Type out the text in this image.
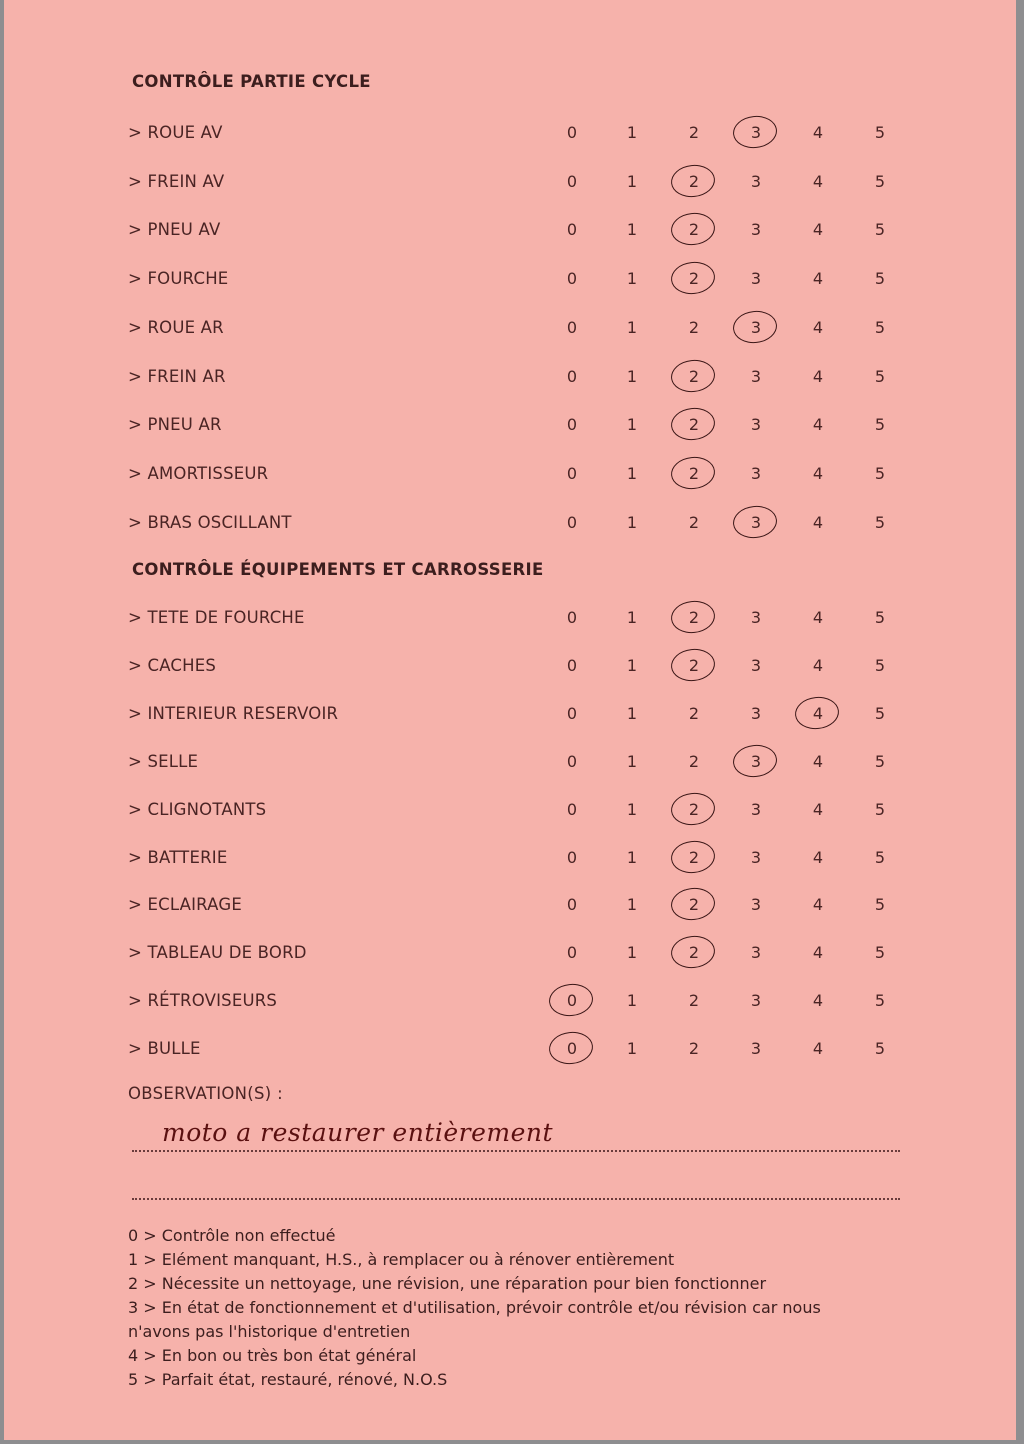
CONTRÔLE PARTIE CYCLE
> ROUE AV	0	1	2	3	4	5
> FREIN AV	0	1	2	3	4	5
> PNEU AV	0	1	2	3	4	5
> FOURCHE	0	1	2	3	4	5
> ROUE AR	0	1	2	3	4	5
> FREIN AR	0	1	2	3	4	5
> PNEU AR	0	1	2	3	4	5
> AMORTISSEUR	0	1	2	3	4	5
> BRAS OSCILLANT	0	1	2	3	4	5
CONTRÔLE ÉQUIPEMENTS ET CARROSSERIE
> TETE DE FOURCHE	0	1	2	3	4	5
> CACHES	0	1	2	3	4	5
> INTERIEUR RESERVOIR	0	1	2	3	4	5
> SELLE	0	1	2	3	4	5
> CLIGNOTANTS	0	1	2	3	4	5
> BATTERIE	0	1	2	3	4	5
> ECLAIRAGE	0	1	2	3	4	5
> TABLEAU DE BORD	0	1	2	3	4	5
> RÉTROVISEURS	0	1	2	3	4	5
> BULLE	0	1	2	3	4	5
OBSERVATION(S) :
moto a restaurer entièrement
0 > Contrôle non effectué
1 > Elément manquant, H.S., à remplacer ou à rénover entièrement
2 > Nécessite un nettoyage, une révision, une réparation pour bien fonctionner
3 > En état de fonctionnement et d'utilisation, prévoir contrôle et/ou révision car nous
n'avons pas l'historique d'entretien
4 > En bon ou très bon état général
5 > Parfait état, restauré, rénové, N.O.S
